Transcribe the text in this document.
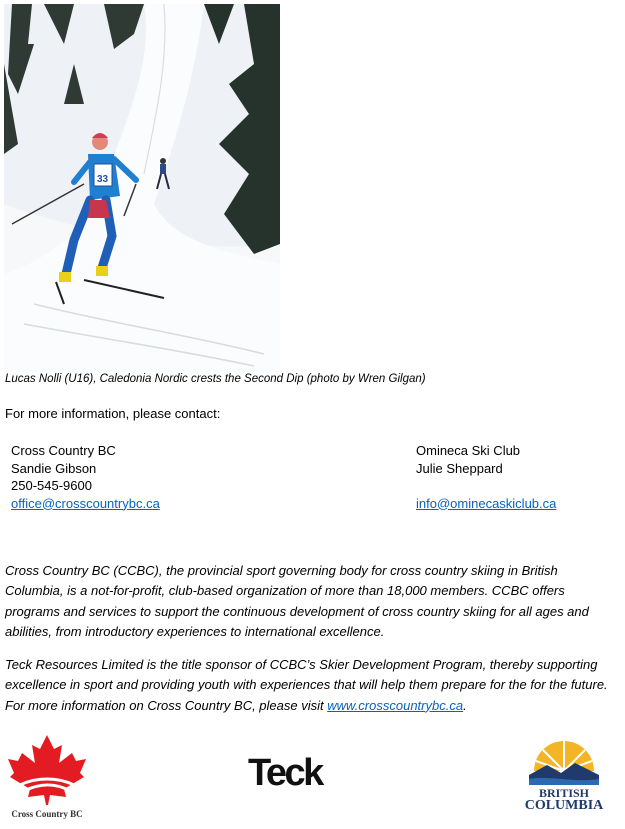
33
Lucas Nolli (U16), Caledonia Nordic crests the Second Dip (photo by Wren Gilgan)
For more information, please contact:
Cross Country BC
Sandie Gibson
250-545-9600
office@crosscountrybc.ca
Omineca Ski Club
Julie Sheppard
info@ominecaskiclub.ca
Cross Country BC (CCBC), the provincial sport governing body for cross country skiing in British Columbia, is a not-for-profit, club-based organization of more than 18,000 members. CCBC offers programs and services to support the continuous development of cross country skiing for all ages and abilities, from introductory experiences to international excellence.
Teck Resources Limited is the title sponsor of CCBC’s Skier Development Program, thereby supporting excellence in sport and providing youth with experiences that will help them prepare for the for the future. For more information on Cross Country BC, please visit www.crosscountrybc.ca.
Cross Country BC
Teck	BRITISH
COLUMBIA
